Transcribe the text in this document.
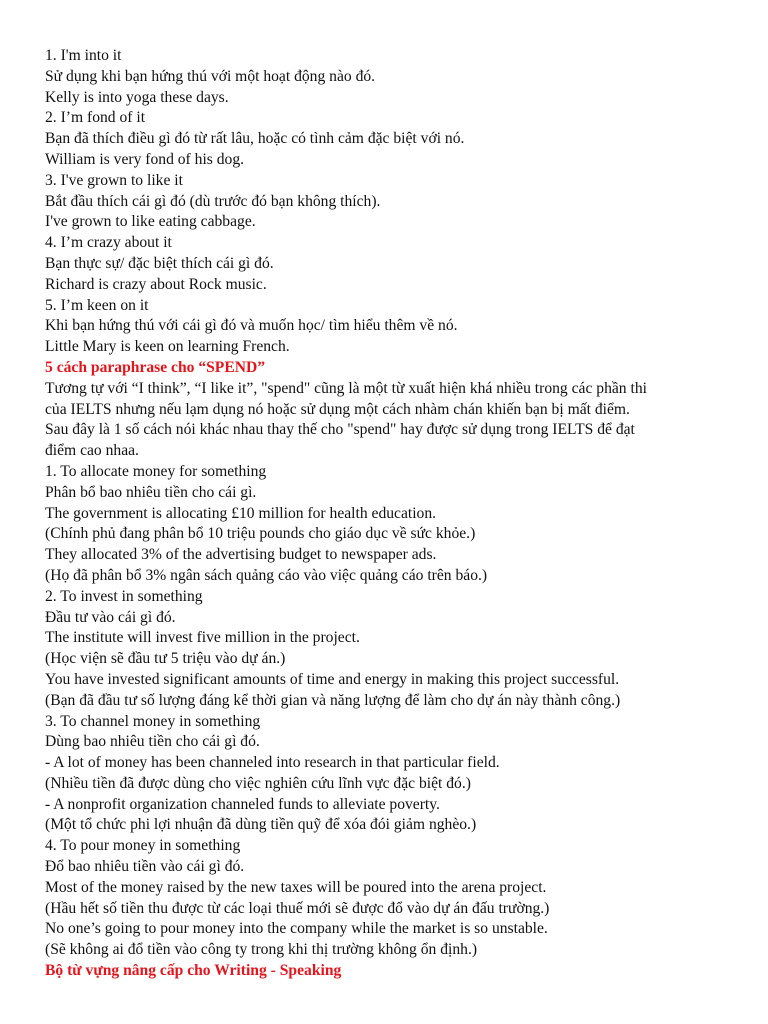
1. I'm into it
Sử dụng khi bạn hứng thú với một hoạt động nào đó.
Kelly is into yoga these days.
2. I’m fond of it
Bạn đã thích điều gì đó từ rất lâu, hoặc có tình cảm đặc biệt với nó.
William is very fond of his dog.
3. I've grown to like it
Bắt đầu thích cái gì đó (dù trước đó bạn không thích).
I've grown to like eating cabbage.
4. I’m crazy about it
Bạn thực sự/ đặc biệt thích cái gì đó.
Richard is crazy about Rock music.
5. I’m keen on it
Khi bạn hứng thú với cái gì đó và muốn học/ tìm hiểu thêm về nó.
Little Mary is keen on learning French.
5 cách paraphrase cho “SPEND”
Tương tự với “I think”, “I like it”, "spend" cũng là một từ xuất hiện khá nhiều trong các phần thi
của IELTS nhưng nếu lạm dụng nó hoặc sử dụng một cách nhàm chán khiến bạn bị mất điểm.
Sau đây là 1 số cách nói khác nhau thay thế cho "spend" hay được sử dụng trong IELTS để đạt
điểm cao nhaa.
1. To allocate money for something
Phân bổ bao nhiêu tiền cho cái gì.
The government is allocating £10 million for health education.
(Chính phủ đang phân bổ 10 triệu pounds cho giáo dục về sức khỏe.)
They allocated 3% of the advertising budget to newspaper ads.
(Họ đã phân bổ 3% ngân sách quảng cáo vào việc quảng cáo trên báo.)
2. To invest in something
Đầu tư vào cái gì đó.
The institute will invest five million in the project.
(Học viện sẽ đầu tư 5 triệu vào dự án.)
You have invested significant amounts of time and energy in making this project successful.
(Bạn đã đầu tư số lượng đáng kể thời gian và năng lượng để làm cho dự án này thành công.)
3. To channel money in something
Dùng bao nhiêu tiền cho cái gì đó.
- A lot of money has been channeled into research in that particular field.
(Nhiều tiền đã được dùng cho việc nghiên cứu lĩnh vực đặc biệt đó.)
- A nonprofit organization channeled funds to alleviate poverty.
(Một tổ chức phi lợi nhuận đã dùng tiền quỹ để xóa đói giảm nghèo.)
4. To pour money in something
Đổ bao nhiêu tiền vào cái gì đó.
Most of the money raised by the new taxes will be poured into the arena project.
(Hầu hết số tiền thu được từ các loại thuế mới sẽ được đổ vào dự án đấu trường.)
No one’s going to pour money into the company while the market is so unstable.
(Sẽ không ai đổ tiền vào công ty trong khi thị trường không ổn định.)
Bộ từ vựng nâng cấp cho Writing - Speaking
